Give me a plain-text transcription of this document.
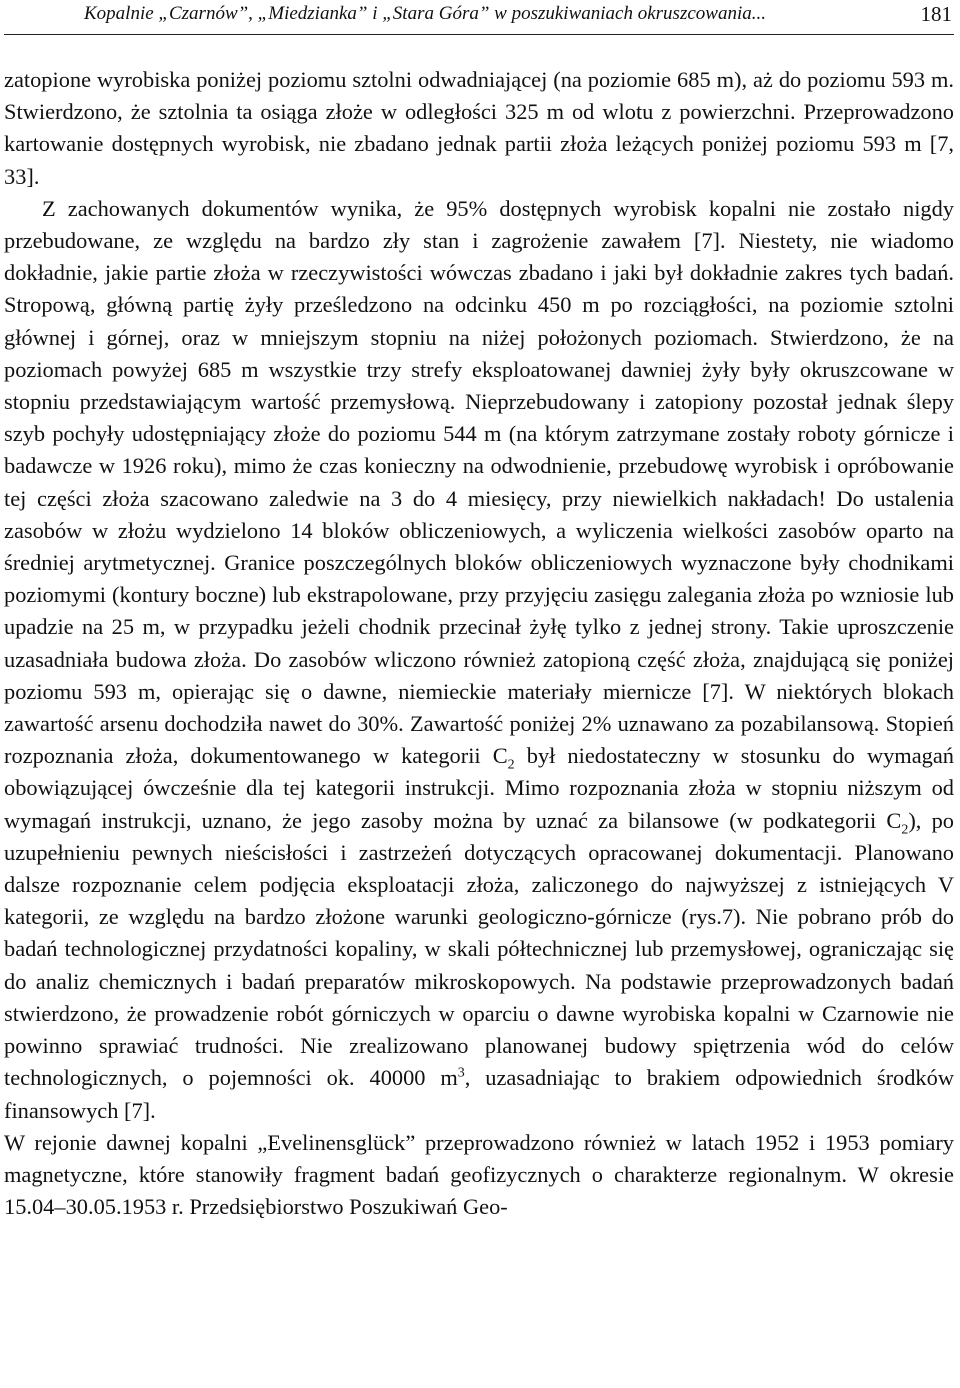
Kopalnie „Czarnów”, „Miedzianka” i „Stara Góra” w poszukiwaniach okruszcowania...	181

zatopione wyrobiska poniżej poziomu sztolni odwadniającej (na poziomie 685 m), aż do poziomu 593 m. Stwierdzono, że sztolnia ta osiąga złoże w odległości 325 m od wlotu z powierzchni. Przeprowadzono kartowanie dostępnych wyrobisk, nie zbadano jednak partii złoża leżących poniżej poziomu 593 m [7, 33].

Z zachowanych dokumentów wynika, że 95% dostępnych wyrobisk kopalni nie zostało nigdy przebudowane, ze względu na bardzo zły stan i zagrożenie zawałem [7]. Niestety, nie wiadomo dokładnie, jakie partie złoża w rzeczywistości wówczas zbadano i jaki był dokładnie zakres tych badań. Stropową, główną partię żyły prześledzono na odcinku 450 m po rozciągłości, na poziomie sztolni głównej i górnej, oraz w mniejszym stopniu na niżej położonych poziomach. Stwierdzono, że na poziomach powyżej 685 m wszystkie trzy strefy eksploatowanej dawniej żyły były okruszcowane w stopniu przedstawiającym wartość przemysłową. Nieprzebudowany i zatopiony pozostał jednak ślepy szyb pochyły udostępniający złoże do poziomu 544 m (na którym zatrzymane zostały roboty górnicze i badawcze w 1926 roku), mimo że czas konieczny na odwodnienie, przebudowę wyrobisk i opróbowanie tej części złoża szacowano zaledwie na 3 do 4 miesięcy, przy niewielkich nakładach! Do ustalenia zasobów w złożu wydzielono 14 bloków obliczeniowych, a wyliczenia wielkości zasobów oparto na średniej arytmetycznej. Granice poszczególnych bloków obliczeniowych wyznaczone były chodnikami poziomymi (kontury boczne) lub ekstrapolowane, przy przyjęciu zasięgu zalegania złoża po wzniosie lub upadzie na 25 m, w przypadku jeżeli chodnik przecinał żyłę tylko z jednej strony. Takie uproszczenie uzasadniała budowa złoża. Do zasobów wliczono również zatopioną część złoża, znajdującą się poniżej poziomu 593 m, opierając się o dawne, niemieckie materiały miernicze [7]. W niektórych blokach zawartość arsenu dochodziła nawet do 30%. Zawartość poniżej 2% uznawano za pozabilansową. Stopień rozpoznania złoża, dokumentowanego w kategorii $C_2$ był niedostateczny w stosunku do wymagań obowiązującej ówcześnie dla tej kategorii instrukcji. Mimo rozpoznania złoża w stopniu niższym od wymagań instrukcji, uznano, że jego zasoby można by uznać za bilansowe (w podkategorii $C_2$), po uzupełnieniu pewnych nieścisłości i zastrzeżeń dotyczących opracowanej dokumentacji. Planowano dalsze rozpoznanie celem podjęcia eksploatacji złoża, zaliczonego do najwyższej z istniejących V kategorii, ze względu na bardzo złożone warunki geologiczno-górnicze (rys.7). Nie pobrano prób do badań technologicznej przydatności kopaliny, w skali półtechnicznej lub przemysłowej, ograniczając się do analiz chemicznych i badań preparatów mikroskopowych. Na podstawie przeprowadzonych badań stwierdzono, że prowadzenie robót górniczych w oparciu o dawne wyrobiska kopalni w Czarnowie nie powinno sprawiać trudności. Nie zrealizowano planowanej budowy spiętrzenia wód do celów technologicznych, o pojemności ok. 40000 $m^3$, uzasadniając to brakiem odpowiednich środków finansowych [7].

W rejonie dawnej kopalni „Evelinensglück” przeprowadzono również w latach 1952 i 1953 pomiary magnetyczne, które stanowiły fragment badań geofizycznych o charakterze regionalnym. W okresie 15.04–30.05.1953 r. Przedsiębiorstwo Poszukiwań Geo-
